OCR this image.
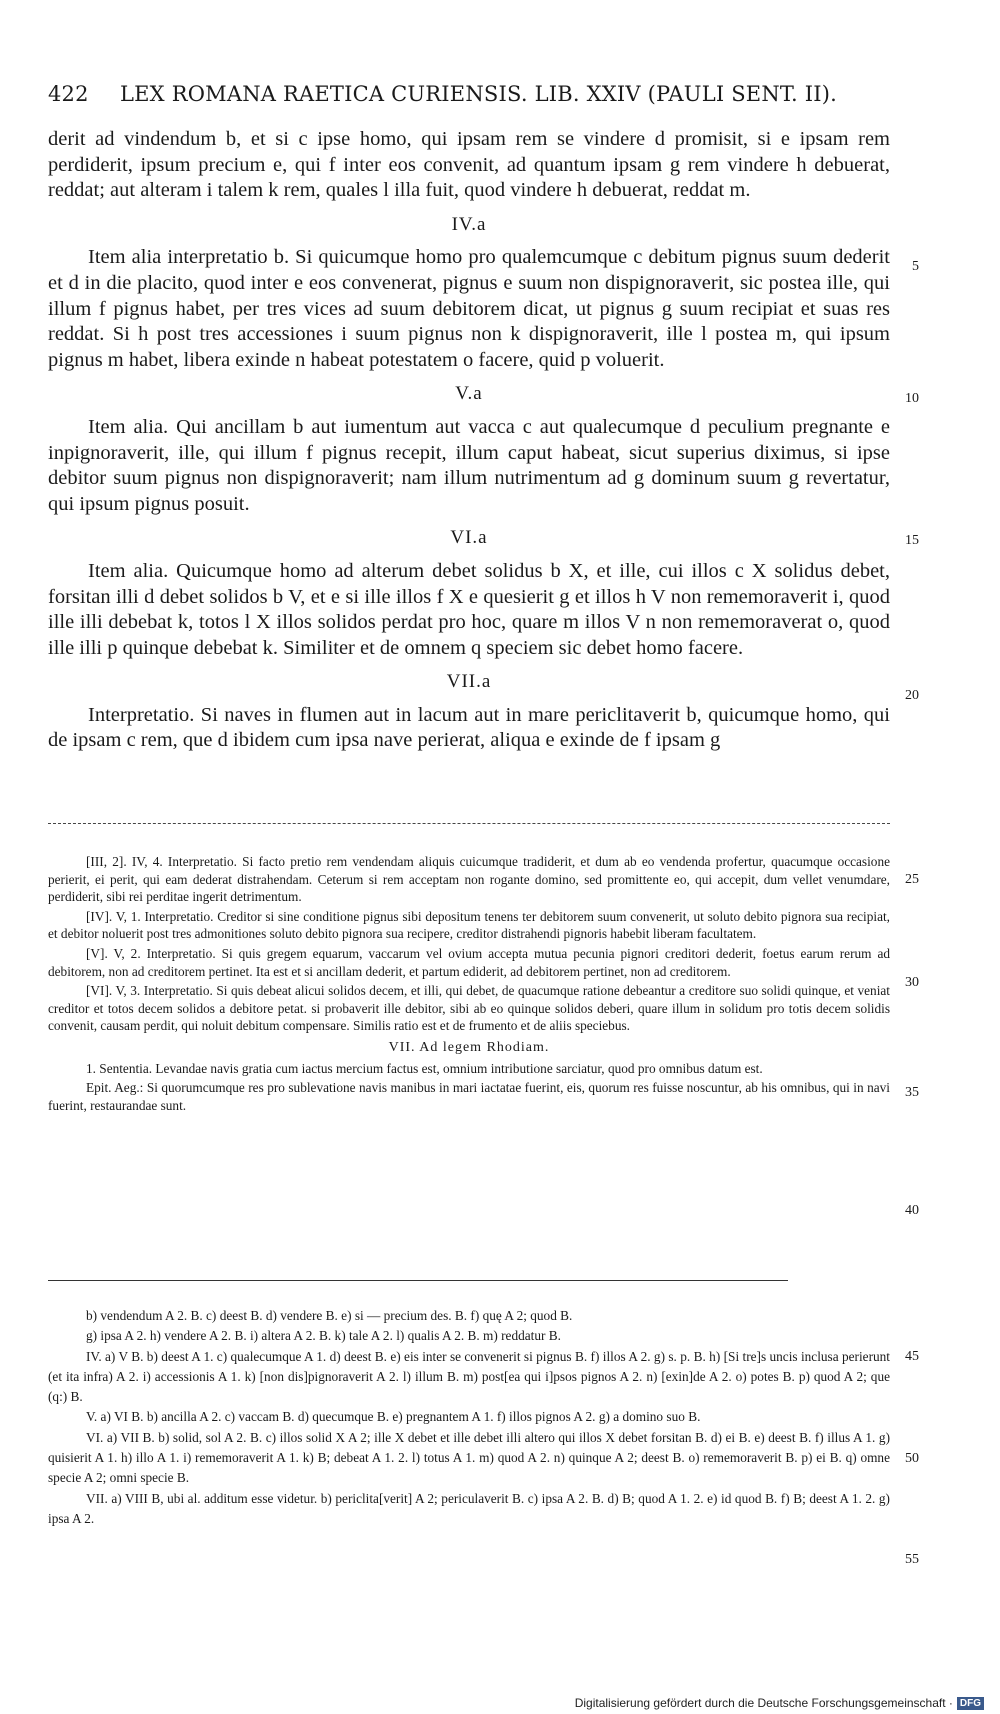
422 LEX ROMANA RAETICA CURIENSIS. LIB. XXIV (PAULI SENT. II).

derit ad vindendum b, et si c ipse homo, qui ipsam rem se vindere d promisit, si e ipsam rem perdiderit, ipsum precium e, qui f inter eos convenit, ad quantum ipsam g rem vindere h debuerat, reddat; aut alteram i talem k rem, quales l illa fuit, quod vindere h debuerat, reddat m.

IV.a

Item alia interpretatio b. Si quicumque homo pro qualemcumque c debitum pignus suum dederit et d in die placito, quod inter e eos convenerat, pignus e suum non dispignoraverit, sic postea ille, qui illum f pignus habet, per tres vices ad suum debitorem dicat, ut pignus g suum recipiat et suas res reddat. Si h post tres accessiones i suum pignus non k dispignoraverit, ille l postea m, qui ipsum pignus m habet, libera exinde n habeat potestatem o facere, quid p voluerit.

V.a

Item alia. Qui ancillam b aut iumentum aut vacca c aut qualecumque d peculium pregnante e inpignoraverit, ille, qui illum f pignus recepit, illum caput habeat, sicut superius diximus, si ipse debitor suum pignus non dispignoraverit; nam illum nutrimentum ad g dominum suum g revertatur, qui ipsum pignus posuit.

VI.a

Item alia. Quicumque homo ad alterum debet solidus b X, et ille, cui illos c X solidus debet, forsitan illi d debet solidos b V, et e si ille illos f X e quesierit g et illos h V non rememoraverit i, quod ille illi debebat k, totos l X illos solidos perdat pro hoc, quare m illos V n non rememoraverat o, quod ille illi p quinque debebat k. Similiter et de omnem q speciem sic debet homo facere.

VII.a

Interpretatio. Si naves in flumen aut in lacum aut in mare periclitaverit b, quicumque homo, qui de ipsam c rem, que d ibidem cum ipsa nave perierat, aliqua e exinde de f ipsam g

5
10
15
20
25
30
35
40
45
50
55

[III, 2]. IV, 4. Interpretatio. Si facto pretio rem vendendam aliquis cuicumque tradiderit, et dum ab eo vendenda profertur, quacumque occasione perierit, ei perit, qui eam dederat distrahendam. Ceterum si rem acceptam non rogante domino, sed promittente eo, qui accepit, dum vellet venumdare, perdiderit, sibi rei perditae ingerit detrimentum.

[IV]. V, 1. Interpretatio. Creditor si sine conditione pignus sibi depositum tenens ter debitorem suum convenerit, ut soluto debito pignora sua recipiat, et debitor noluerit post tres admonitiones soluto debito pignora sua recipere, creditor distrahendi pignoris habebit liberam facultatem.

[V]. V, 2. Interpretatio. Si quis gregem equarum, vaccarum vel ovium accepta mutua pecunia pignori creditori dederit, foetus earum rerum ad debitorem, non ad creditorem pertinet. Ita est et si ancillam dederit, et partum ediderit, ad debitorem pertinet, non ad creditorem.

[VI]. V, 3. Interpretatio. Si quis debeat alicui solidos decem, et illi, qui debet, de quacumque ratione debeantur a creditore suo solidi quinque, et veniat creditor et totos decem solidos a debitore petat. si probaverit ille debitor, sibi ab eo quinque solidos deberi, quare illum in solidum pro totis decem solidis convenit, causam perdit, qui noluit debitum compensare. Similis ratio est et de frumento et de aliis speciebus.

VII. Ad legem Rhodiam.

1. Sententia. Levandae navis gratia cum iactus mercium factus est, omnium intributione sarciatur, quod pro omnibus datum est.

Epit. Aeg.: Si quorumcumque res pro sublevatione navis manibus in mari iactatae fuerint, eis, quorum res fuisse noscuntur, ab his omnibus, qui in navi fuerint, restaurandae sunt.

b) vendendum A 2. B. c) deest B. d) vendere B. e) si — precium des. B. f) quę A 2; quod B.

g) ipsa A 2. h) vendere A 2. B. i) altera A 2. B. k) tale A 2. l) qualis A 2. B. m) reddatur B.

IV. a) V B. b) deest A 1. c) qualecumque A 1. d) deest B. e) eis inter se convenerit si pignus B. f) illos A 2. g) s. p. B. h) [Si tre]s uncis inclusa perierunt (et ita infra) A 2. i) accessionis A 1. k) [non dis]pignoraverit A 2. l) illum B. m) post[ea qui i]psos pignos A 2. n) [exin]de A 2. o) potes B. p) quod A 2; que (q:) B.

V. a) VI B. b) ancilla A 2. c) vaccam B. d) quecumque B. e) pregnantem A 1. f) illos pignos A 2. g) a domino suo B.

VI. a) VII B. b) solid, sol A 2. B. c) illos solid X A 2; ille X debet et ille debet illi altero qui illos X debet forsitan B. d) ei B. e) deest B. f) illus A 1. g) quisierit A 1. h) illo A 1. i) rememoraverit A 1. k) B; debeat A 1. 2. l) totus A 1. m) quod A 2. n) quinque A 2; deest B. o) rememoraverit B. p) ei B. q) omne specie A 2; omni specie B.

VII. a) VIII B, ubi al. additum esse videtur. b) periclita[verit] A 2; periculaverit B. c) ipsa A 2. B. d) B; quod A 1. 2. e) id quod B. f) B; deest A 1. 2. g) ipsa A 2.

Digitalisierung gefördert durch die Deutsche Forschungsgemeinschaft · DFG
